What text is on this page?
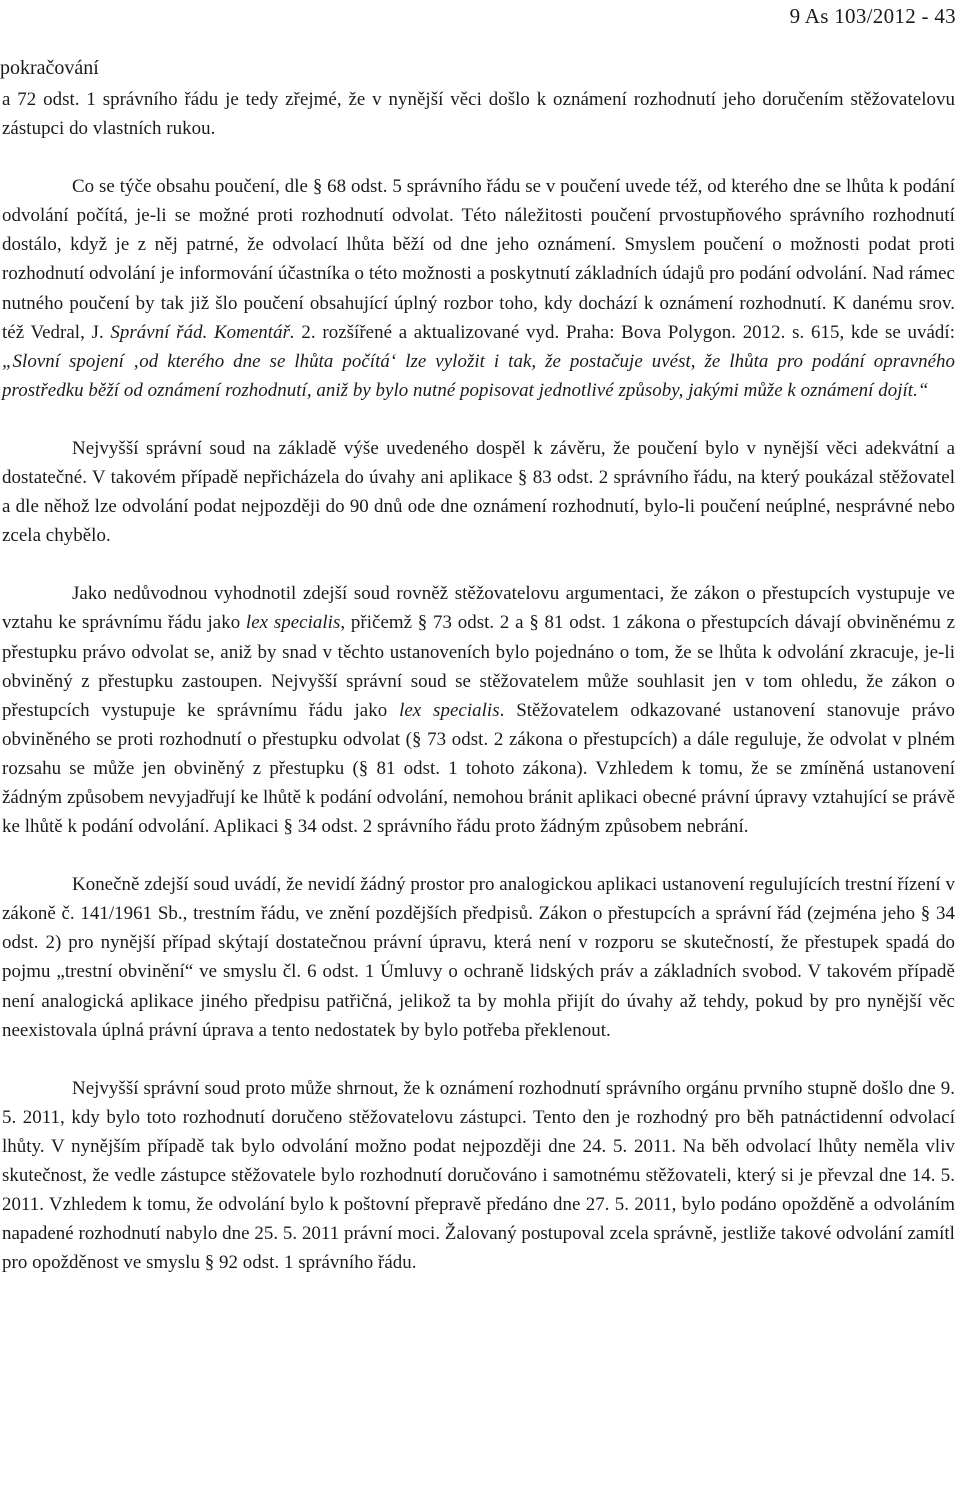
9 As 103/2012 - 43
pokračování

a 72 odst. 1 správního řádu je tedy zřejmé, že v nynější věci došlo k oznámení rozhodnutí jeho doručením stěžovatelovu zástupci do vlastních rukou.

Co se týče obsahu poučení, dle § 68 odst. 5 správního řádu se v poučení uvede též, od kterého dne se lhůta k podání odvolání počítá, je-li se možné proti rozhodnutí odvolat. Této náležitosti poučení prvostupňového správního rozhodnutí dostálo, když je z něj patrné, že odvolací lhůta běží od dne jeho oznámení. Smyslem poučení o možnosti podat proti rozhodnutí odvolání je informování účastníka o této možnosti a poskytnutí základních údajů pro podání odvolání. Nad rámec nutného poučení by tak již šlo poučení obsahující úplný rozbor toho, kdy dochází k oznámení rozhodnutí. K danému srov. též Vedral, J. Správní řád. Komentář. 2. rozšířené a aktualizované vyd. Praha: Bova Polygon. 2012. s. 615, kde se uvádí: „Slovní spojení ‚od kterého dne se lhůta počítá‘ lze vyložit i tak, že postačuje uvést, že lhůta pro podání opravného prostředku běží od oznámení rozhodnutí, aniž by bylo nutné popisovat jednotlivé způsoby, jakými může k oznámení dojít.“

Nejvyšší správní soud na základě výše uvedeného dospěl k závěru, že poučení bylo v nynější věci adekvátní a dostatečné. V takovém případě nepřicházela do úvahy ani aplikace § 83 odst. 2 správního řádu, na který poukázal stěžovatel a dle něhož lze odvolání podat nejpozději do 90 dnů ode dne oznámení rozhodnutí, bylo-li poučení neúplné, nesprávné nebo zcela chybělo.

Jako nedůvodnou vyhodnotil zdejší soud rovněž stěžovatelovu argumentaci, že zákon o přestupcích vystupuje ve vztahu ke správnímu řádu jako lex specialis, přičemž § 73 odst. 2 a § 81 odst. 1 zákona o přestupcích dávají obviněnému z přestupku právo odvolat se, aniž by snad v těchto ustanoveních bylo pojednáno o tom, že se lhůta k odvolání zkracuje, je-li obviněný z přestupku zastoupen. Nejvyšší správní soud se stěžovatelem může souhlasit jen v tom ohledu, že zákon o přestupcích vystupuje ke správnímu řádu jako lex specialis. Stěžovatelem odkazované ustanovení stanovuje právo obviněného se proti rozhodnutí o přestupku odvolat (§ 73 odst. 2 zákona o přestupcích) a dále reguluje, že odvolat v plném rozsahu se může jen obviněný z přestupku (§ 81 odst. 1 tohoto zákona). Vzhledem k tomu, že se zmíněná ustanovení žádným způsobem nevyjadřují ke lhůtě k podání odvolání, nemohou bránit aplikaci obecné právní úpravy vztahující se právě ke lhůtě k podání odvolání. Aplikaci § 34 odst. 2 správního řádu proto žádným způsobem nebrání.

Konečně zdejší soud uvádí, že nevidí žádný prostor pro analogickou aplikaci ustanovení regulujících trestní řízení v zákoně č. 141/1961 Sb., trestním řádu, ve znění pozdějších předpisů. Zákon o přestupcích a správní řád (zejména jeho § 34 odst. 2) pro nynější případ skýtají dostatečnou právní úpravu, která není v rozporu se skutečností, že přestupek spadá do pojmu „trestní obvinění“ ve smyslu čl. 6 odst. 1 Úmluvy o ochraně lidských práv a základních svobod. V takovém případě není analogická aplikace jiného předpisu patřičná, jelikož ta by mohla přijít do úvahy až tehdy, pokud by pro nynější věc neexistovala úplná právní úprava a tento nedostatek by bylo potřeba překlenout.

Nejvyšší správní soud proto může shrnout, že k oznámení rozhodnutí správního orgánu prvního stupně došlo dne 9. 5. 2011, kdy bylo toto rozhodnutí doručeno stěžovatelovu zástupci. Tento den je rozhodný pro běh patnáctidenní odvolací lhůty. V nynějším případě tak bylo odvolání možno podat nejpozději dne 24. 5. 2011. Na běh odvolací lhůty neměla vliv skutečnost, že vedle zástupce stěžovatele bylo rozhodnutí doručováno i samotnému stěžovateli, který si je převzal dne 14. 5. 2011. Vzhledem k tomu, že odvolání bylo k poštovní přepravě předáno dne 27. 5. 2011, bylo podáno opožděně a odvoláním napadené rozhodnutí nabylo dne 25. 5. 2011 právní moci. Žalovaný postupoval zcela správně, jestliže takové odvolání zamítl pro opožděnost ve smyslu § 92 odst. 1 správního řádu.
